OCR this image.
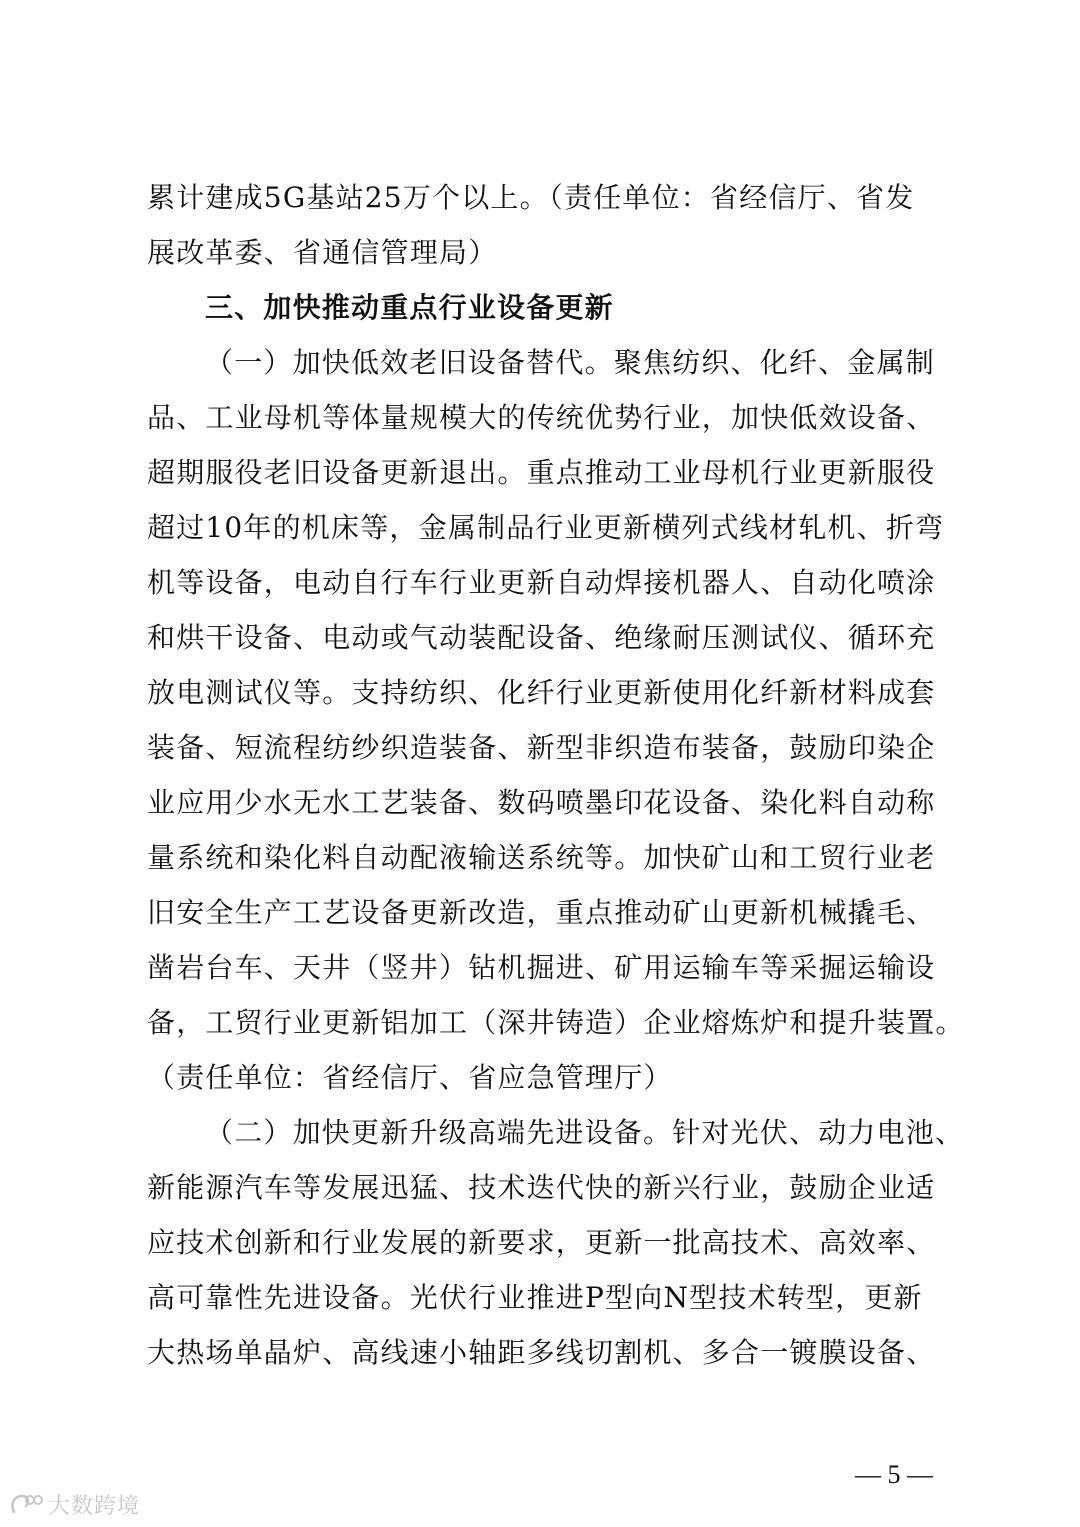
累计建成5G基站25万个以上。（责任单位：省经信厅、省发
展改革委、省通信管理局）
三、加快推动重点行业设备更新
（一）加快低效老旧设备替代。聚焦纺织、化纤、金属制
品、工业母机等体量规模大的传统优势行业，加快低效设备、
超期服役老旧设备更新退出。重点推动工业母机行业更新服役
超过10年的机床等，金属制品行业更新横列式线材轧机、折弯
机等设备，电动自行车行业更新自动焊接机器人、自动化喷涂
和烘干设备、电动或气动装配设备、绝缘耐压测试仪、循环充
放电测试仪等。支持纺织、化纤行业更新使用化纤新材料成套
装备、短流程纺纱织造装备、新型非织造布装备，鼓励印染企
业应用少水无水工艺装备、数码喷墨印花设备、染化料自动称
量系统和染化料自动配液输送系统等。加快矿山和工贸行业老
旧安全生产工艺设备更新改造，重点推动矿山更新机械撬毛、
凿岩台车、天井（竖井）钻机掘进、矿用运输车等采掘运输设
备，工贸行业更新铝加工（深井铸造）企业熔炼炉和提升装置。
（责任单位：省经信厅、省应急管理厅）
（二）加快更新升级高端先进设备。针对光伏、动力电池、
新能源汽车等发展迅猛、技术迭代快的新兴行业，鼓励企业适
应技术创新和行业发展的新要求，更新一批高技术、高效率、
高可靠性先进设备。光伏行业推进P型向N型技术转型，更新
大热场单晶炉、高线速小轴距多线切割机、多合一镀膜设备、
— 5 —
大数跨境
